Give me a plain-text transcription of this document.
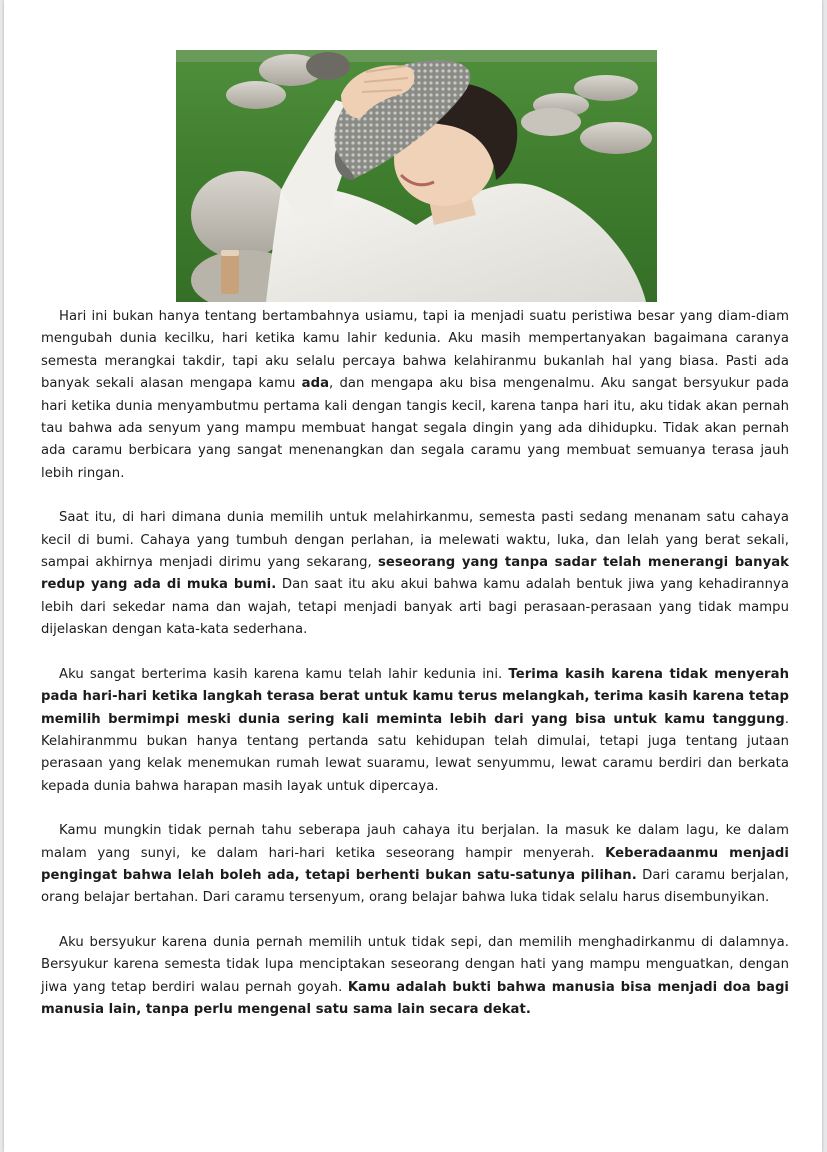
Hari ini bukan hanya tentang bertambahnya usiamu, tapi ia menjadi suatu peristiwa besar yang diam-diam mengubah dunia kecilku, hari ketika kamu lahir kedunia. Aku masih mempertanyakan bagaimana caranya semesta merangkai takdir, tapi aku selalu percaya bahwa kelahiranmu bukanlah hal yang biasa. Pasti ada banyak sekali alasan mengapa kamu ada, dan mengapa aku bisa mengenalmu. Aku sangat bersyukur pada hari ketika dunia menyambutmu pertama kali dengan tangis kecil, karena tanpa hari itu, aku tidak akan pernah tau bahwa ada senyum yang mampu membuat hangat segala dingin yang ada dihidupku. Tidak akan pernah ada caramu berbicara yang sangat menenangkan dan segala caramu yang membuat semuanya terasa jauh lebih ringan.

Saat itu, di hari dimana dunia memilih untuk melahirkanmu, semesta pasti sedang menanam satu cahaya kecil di bumi. Cahaya yang tumbuh dengan perlahan, ia melewati waktu, luka, dan lelah yang berat sekali, sampai akhirnya menjadi dirimu yang sekarang, seseorang yang tanpa sadar telah menerangi banyak redup yang ada di muka bumi. Dan saat itu aku akui bahwa kamu adalah bentuk jiwa yang kehadirannya lebih dari sekedar nama dan wajah, tetapi menjadi banyak arti bagi perasaan-perasaan yang tidak mampu dijelaskan dengan kata-kata sederhana.

Aku sangat berterima kasih karena kamu telah lahir kedunia ini. Terima kasih karena tidak menyerah pada hari-hari ketika langkah terasa berat untuk kamu terus melangkah, terima kasih karena tetap memilih bermimpi meski dunia sering kali meminta lebih dari yang bisa untuk kamu tanggung. Kelahiranmmu bukan hanya tentang pertanda satu kehidupan telah dimulai, tetapi juga tentang jutaan perasaan yang kelak menemukan rumah lewat suaramu, lewat senyummu, lewat caramu berdiri dan berkata kepada dunia bahwa harapan masih layak untuk dipercaya.

Kamu mungkin tidak pernah tahu seberapa jauh cahaya itu berjalan. Ia masuk ke dalam lagu, ke dalam malam yang sunyi, ke dalam hari-hari ketika seseorang hampir menyerah. Keberadaanmu menjadi pengingat bahwa lelah boleh ada, tetapi berhenti bukan satu-satunya pilihan. Dari caramu berjalan, orang belajar bertahan. Dari caramu tersenyum, orang belajar bahwa luka tidak selalu harus disembunyikan.

Aku bersyukur karena dunia pernah memilih untuk tidak sepi, dan memilih menghadirkanmu di dalamnya. Bersyukur karena semesta tidak lupa menciptakan seseorang dengan hati yang mampu menguatkan, dengan jiwa yang tetap berdiri walau pernah goyah. Kamu adalah bukti bahwa manusia bisa menjadi doa bagi manusia lain, tanpa perlu mengenal satu sama lain secara dekat.
